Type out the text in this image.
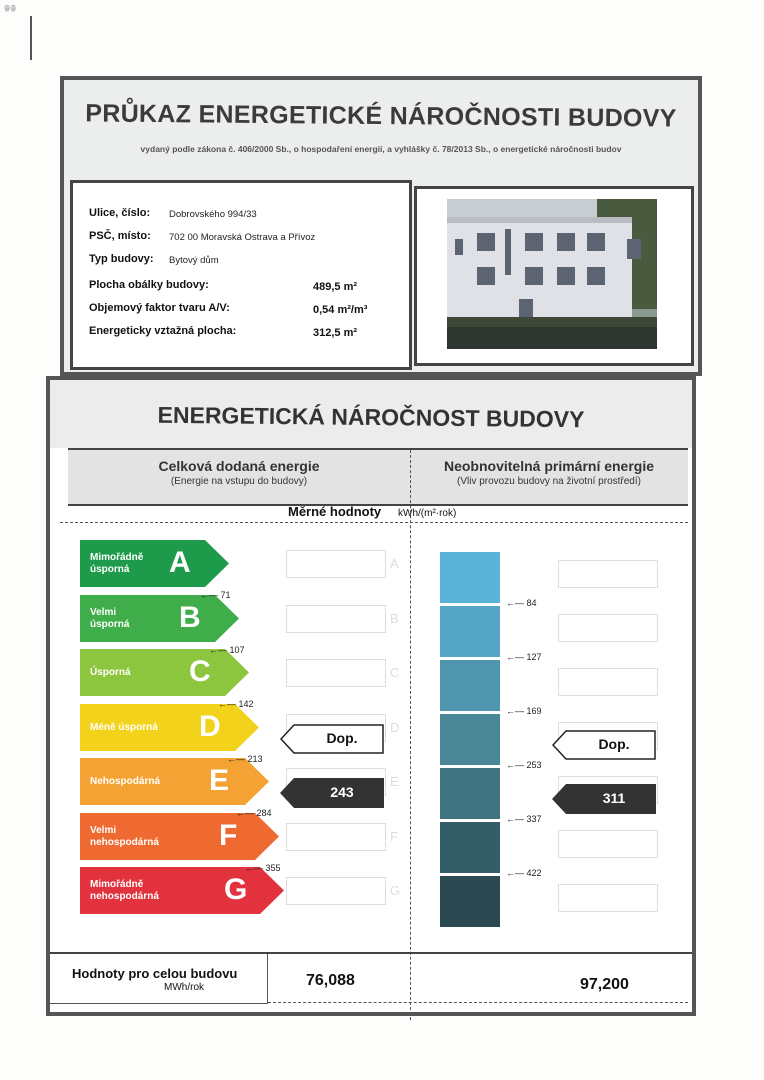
ꙮꙮ
PRŮKAZ ENERGETICKÉ NÁROČNOSTI BUDOVY
vydaný podle zákona č. 406/2000 Sb., o hospodaření energií, a vyhlášky č. 78/2013 Sb., o energetické náročnosti budov
Ulice, číslo: Dobrovského 994/33
PSČ, místo: 702 00 Moravská Ostrava a Přívoz
Typ budovy: Bytový dům
Plocha obálky budovy:	489,5 m²
Objemový faktor tvaru A/V:	0,54 m²/m³
Energeticky vztažná plocha:	312,5 m²
ENERGETICKÁ NÁROČNOST BUDOVY
Celková dodaná energie
(Energie na vstupu do budovy)
Neobnovitelná primární energie
(Vliv provozu budovy na životní prostředí)
Měrné hodnoty kWh/(m²·rok)
Mimořádně
úsporná A	A
Velmi
úsporná B	B
Úsporná C	C
Méně úsporná D	D
Nehospodárná E	E
Velmi
nehospodárná F	F
Mimořádně
nehospodárná G	G
←— 71
←— 107
←— 142
←— 213
←— 284
←— 355
←— 84
←— 127
←— 169
←— 253
←— 337
←— 422
Dop.
243
Dop.
311
Hodnoty pro celou budovu
MWh/rok	76,088	97,200
